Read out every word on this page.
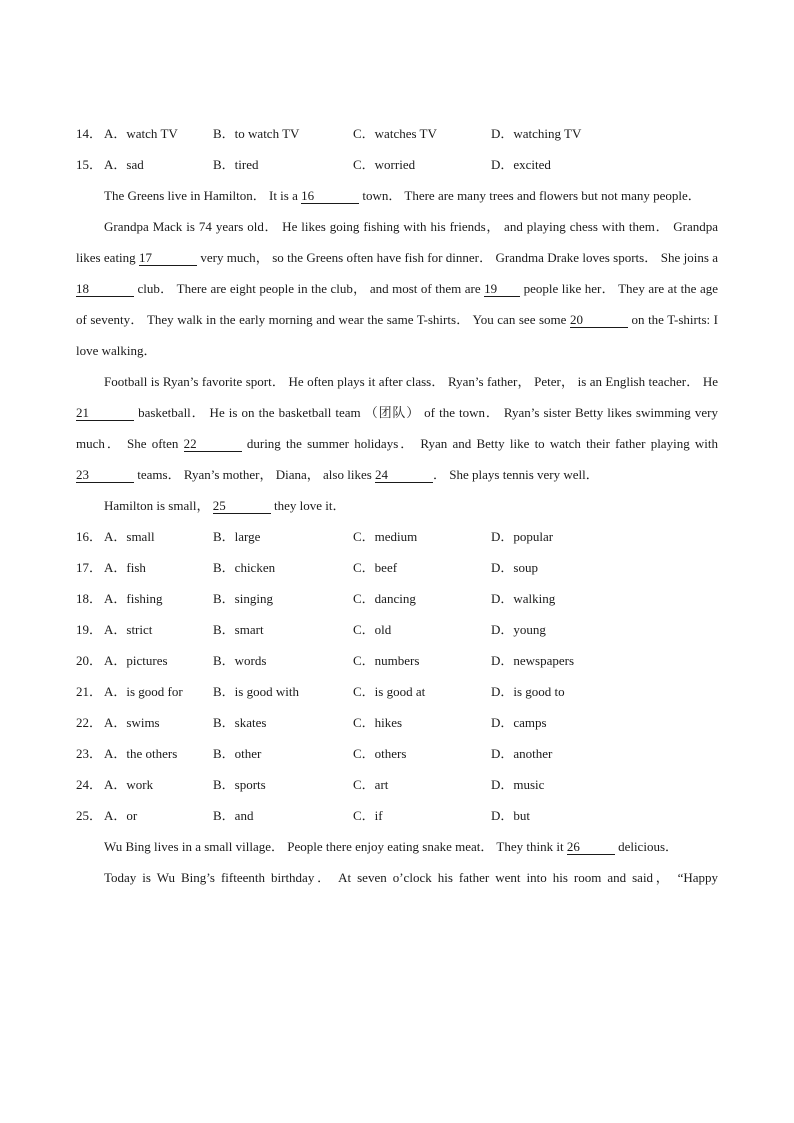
14． A．watch TV	B．to watch TV	C．watches TV	D．watching TV
15． A．sad	B．tired	C．worried	D．excited

The Greens live in Hamilton． It is a 16	town． There are many trees and flowers but not many people．

Grandpa Mack is 74 years old． He likes going fishing with his friends， and playing chess with them． Grandpa likes eating 17	very much， so the Greens often have fish for dinner． Grandma Drake loves sports． She joins a 18	club． There are eight people in the club， and most of them are 19 people like her． They are at the age of seventy． They walk in the early morning and wear the same T-shirts． You can see some 20	on the T-shirts: I love walking．

Football is Ryan’s favorite sport． He often plays it after class． Ryan’s father， Peter， is an English teacher． He 21	basketball． He is on the basketball team （团队） of the town． Ryan’s sister Betty likes swimming very much． She often 22	during the summer holidays． Ryan and Betty like to watch their father playing with 23	teams． Ryan’s mother， Diana， also likes 24	． She plays tennis very well．

Hamilton is small， 25	they love it．

16． A．small	B．large	C．medium	D．popular
17． A．fish	B．chicken	C．beef	D．soup
18． A．fishing	B．singing	C．dancing	D．walking
19． A．strict	B．smart	C．old	D．young
20． A．pictures	B．words	C．numbers	D．newspapers
21． A．is good for	B．is good with	C．is good at	D．is good to
22． A．swims	B．skates	C．hikes	D．camps
23． A．the others	B．other	C．others	D．another
24． A．work	B．sports	C．art	D．music
25． A．or	B．and	C．if	D．but

Wu Bing lives in a small village． People there enjoy eating snake meat． They think it 26	delicious．

Today is Wu Bing’s fifteenth birthday． At seven o’clock his father went into his room and said， “Happy
